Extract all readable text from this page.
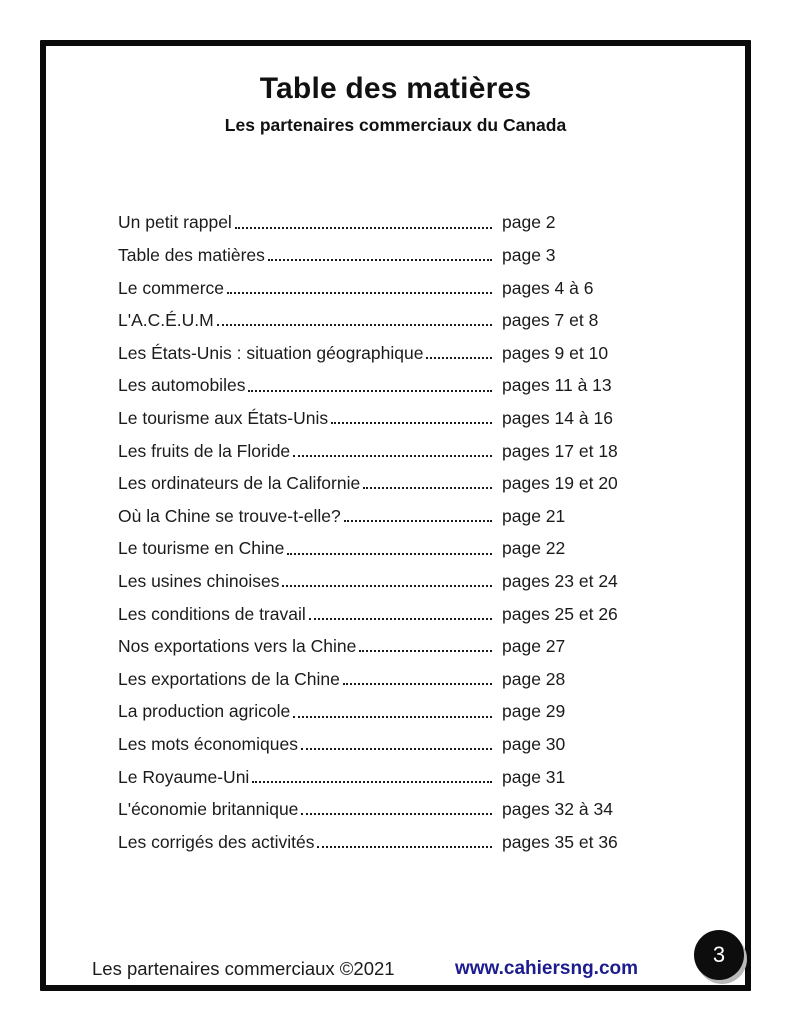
Table des matières
Les partenaires commerciaux du Canada
Un petit rappel	page 2
Table des matières	page 3
Le commerce	pages 4 à 6
L'A.C.É.U.M	pages 7 et 8
Les États-Unis : situation géographique	pages 9 et 10
Les automobiles	pages 11 à 13
Le tourisme aux États-Unis	pages 14 à 16
Les fruits de la Floride	pages 17 et 18
Les ordinateurs de la Californie	pages 19 et 20
Où la Chine se trouve-t-elle?	page 21
Le tourisme en Chine	page 22
Les usines chinoises	pages 23 et 24
Les conditions de travail	pages 25 et 26
Nos exportations vers la Chine	page 27
Les exportations de la Chine	page 28
La production agricole	page 29
Les mots économiques	page 30
Le Royaume-Uni	page 31
L'économie britannique	pages 32 à 34
Les corrigés des activités	pages 35 et 36
Les partenaires commerciaux ©2021	www.cahiersng.com
3
